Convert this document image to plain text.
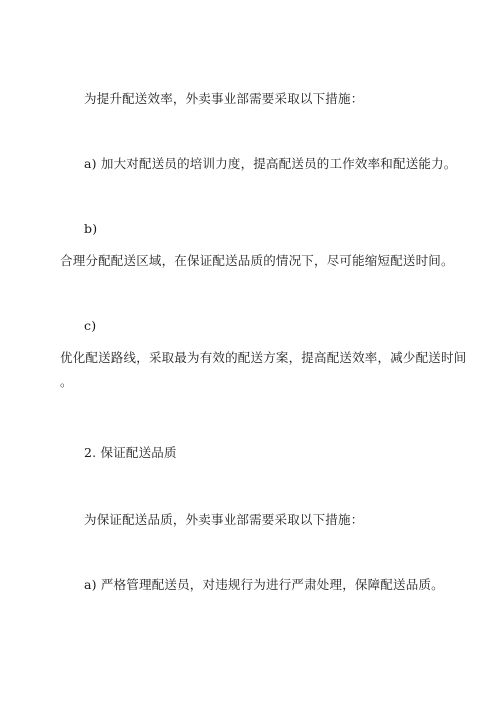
为提升配送效率，外卖事业部需要采取以下措施：
a) 加大对配送员的培训力度，提高配送员的工作效率和配送能力。
b)
合理分配配送区域，在保证配送品质的情况下，尽可能缩短配送时间。
c)
优化配送路线，采取最为有效的配送方案，提高配送效率，减少配送时间
。
2. 保证配送品质
为保证配送品质，外卖事业部需要采取以下措施：
a) 严格管理配送员，对违规行为进行严肃处理，保障配送品质。
